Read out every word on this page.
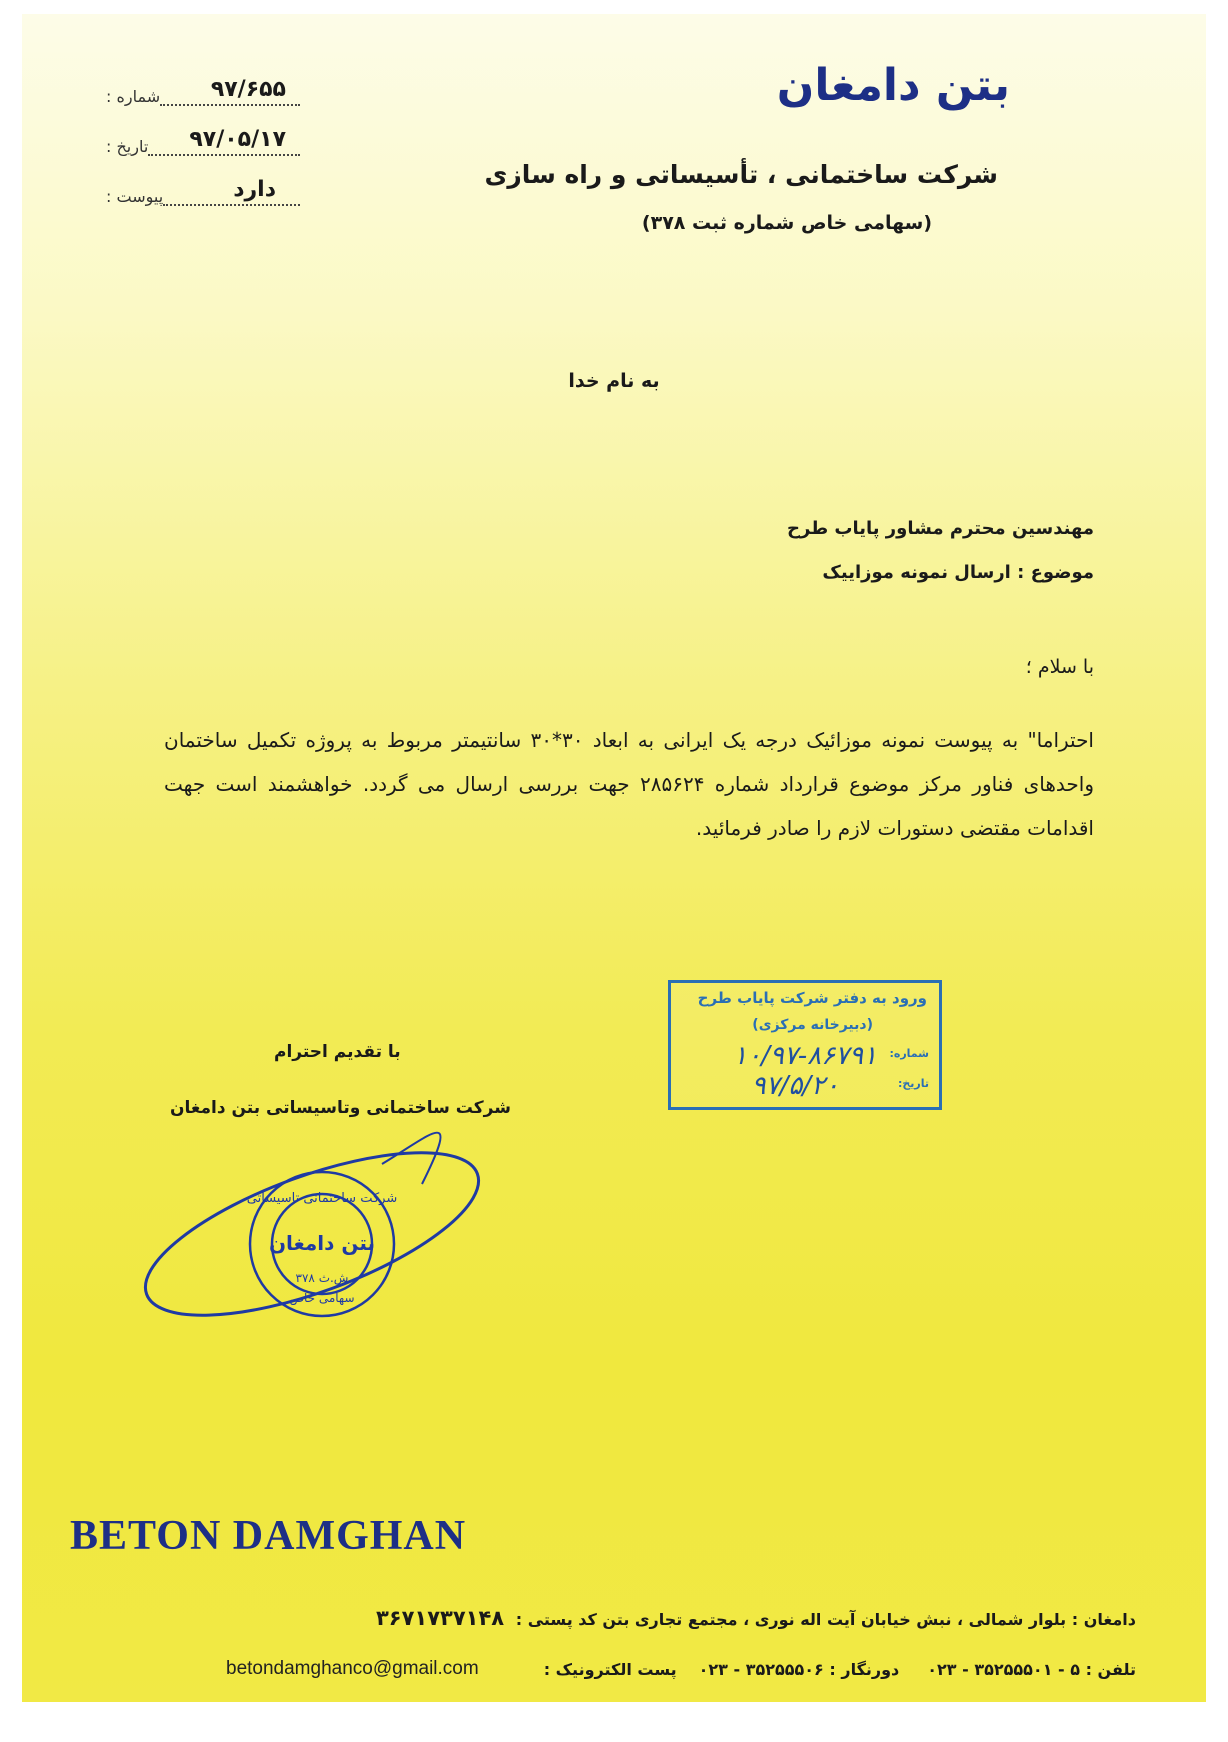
بتن دامغان
شرکت ساختمانی ، تأسیساتی و راه سازی
(سهامی خاص شماره ثبت ۳۷۸)
شماره : ۹۷/۶۵۵
تاریخ : ۹۷/۰۵/۱۷
پیوست :	دارد
به نام خدا
مهندسین محترم مشاور پایاب طرح
موضوع : ارسال نمونه موزاییک
با سلام ؛
احتراما" به پیوست نمونه موزائیک درجه یک ایرانی به ابعاد ۳۰*۳۰ سانتیمتر مربوط به پروژه تکمیل ساختمان واحدهای فناور مرکز موضوع قرارداد شماره ۲۸۵۶۲۴ جهت بررسی ارسال می گردد. خواهشمند است جهت اقدامات مقتضی دستورات لازم را صادر فرمائید.
با تقدیم احترام
شرکت ساختمانی وتاسیساتی بتن دامغان
شرکت ساختمانی تاسیساتی
بتن دامغان
ش.ث ۳۷۸
سهامی خاص
ورود به دفتر شرکت پایاب طرح
(دبیرخانه مرکزی)
شماره:
۱۰/۹۷-۸۶۷۹۱
تاریخ:
۹۷/۵/۲۰
BETON DAMGHAN
دامغان : بلوار شمالی ، نبش خیابان آیت اله نوری ، مجتمع تجاری بتن کد پستی : ۳۶۷۱۷۳۷۱۴۸
تلفن : ۵ - ۳۵۲۵۵۵۰۱ - ۰۲۳
دورنگار : ۳۵۲۵۵۵۰۶ - ۰۲۳
پست الکترونیک :
betondamghanco@gmail.com
